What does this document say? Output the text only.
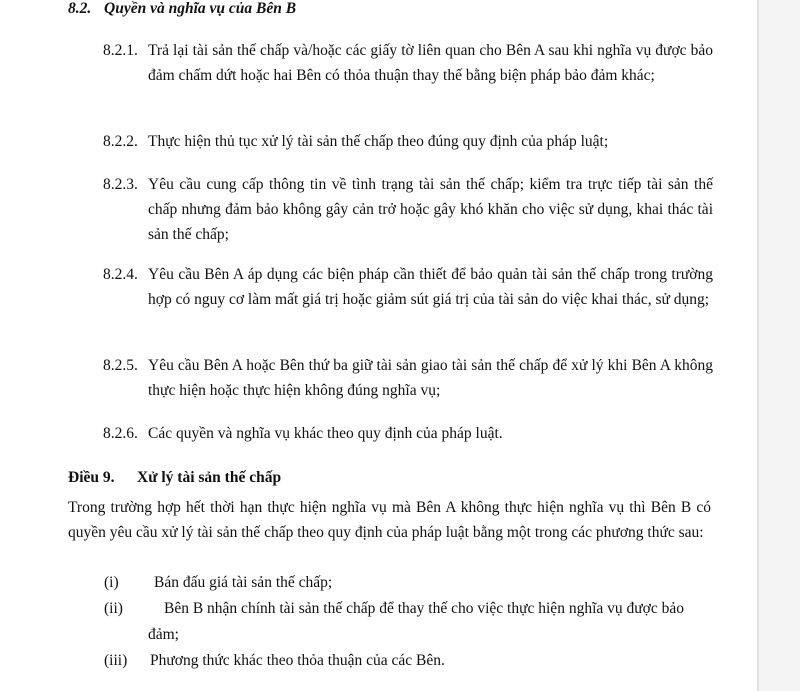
8.2. Quyền và nghĩa vụ của Bên B
8.2.1. Trả lại tài sản thế chấp và/hoặc các giấy tờ liên quan cho Bên A sau khi nghĩa vụ được bảo đảm chấm dứt hoặc hai Bên có thỏa thuận thay thế bằng biện pháp bảo đảm khác;
8.2.2. Thực hiện thủ tục xử lý tài sản thế chấp theo đúng quy định của pháp luật;
8.2.3. Yêu cầu cung cấp thông tin về tình trạng tài sản thế chấp; kiểm tra trực tiếp tài sản thế chấp nhưng đảm bảo không gây cản trở hoặc gây khó khăn cho việc sử dụng, khai thác tài sản thế chấp;
8.2.4. Yêu cầu Bên A áp dụng các biện pháp cần thiết để bảo quản tài sản thế chấp trong trường hợp có nguy cơ làm mất giá trị hoặc giảm sút giá trị của tài sản do việc khai thác, sử dụng;
8.2.5. Yêu cầu Bên A hoặc Bên thứ ba giữ tài sản giao tài sản thế chấp để xử lý khi Bên A không thực hiện hoặc thực hiện không đúng nghĩa vụ;
8.2.6. Các quyền và nghĩa vụ khác theo quy định của pháp luật.
Điều 9. Xử lý tài sản thế chấp
Trong trường hợp hết thời hạn thực hiện nghĩa vụ mà Bên A không thực hiện nghĩa vụ thì Bên B có quyền yêu cầu xử lý tài sản thế chấp theo quy định của pháp luật bằng một trong các phương thức sau:
(i) Bán đấu giá tài sản thế chấp;
(ii)	Bên B nhận chính tài sản thế chấp để thay thế cho việc thực hiện nghĩa vụ được bảo đảm;
(iii) Phương thức khác theo thỏa thuận của các Bên.
